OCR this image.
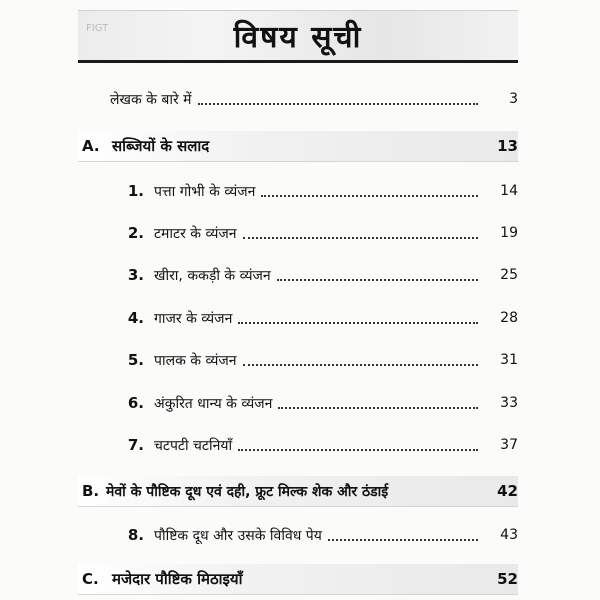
FIGT	विषय सूची
लेखक के बारे में	3
A. सब्जियों के सलाद	13
1. पत्ता गोभी के व्यंजन	14
2. टमाटर के व्यंजन	19
3. खीरा, ककड़ी के व्यंजन	25
4. गाजर के व्यंजन	28
5. पालक के व्यंजन	31
6. अंकुरित धान्य के व्यंजन	33
7. चटपटी चटनियाँ	37
B. मेवों के पौष्टिक दूध एवं दही, फ्रूट मिल्क शेक और ठंडाई	42
8. पौष्टिक दूध और उसके विविध पेय	43
C. मजेदार पौष्टिक मिठाइयाँ	52
